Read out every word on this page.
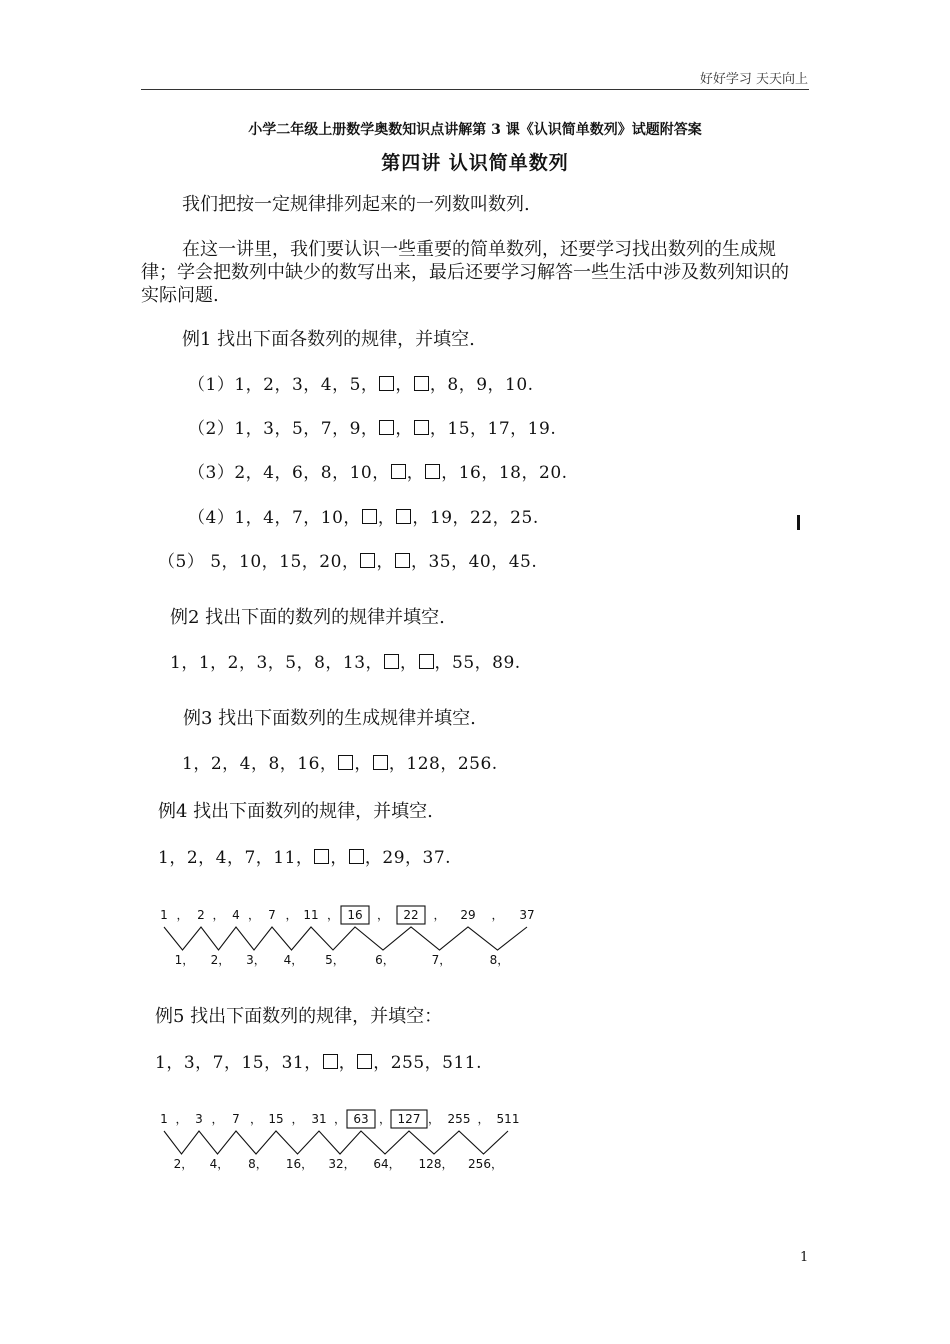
好好学习 天天向上
小学二年级上册数学奥数知识点讲解第 3 课《认识简单数列》试题附答案
第四讲 认识简单数列
我们把按一定规律排列起来的一列数叫数列.
在这一讲里，我们要认识一些重要的简单数列，还要学习找出数列的生成规律；学会把数列中缺少的数写出来，最后还要学习解答一些生活中涉及数列知识的实际问题.
例1 找出下面各数列的规律，并填空.
（1）1，2，3，4，5， ， ，8，9，10.
（2）1，3，5，7，9， ， ，15，17，19.
（3）2，4，6，8，10， ， ，16，18，20.
（4）1，4，7，10， ， ，19，22，25.
（5） 5，10，15，20， ， ，35，40，45.
例2 找出下面的数列的规律并填空.
1，1，2，3，5，8，13， ， ，55，89.
例3 找出下面数列的生成规律并填空.
1，2，4，8，16， ， ，128，256.
例4 找出下面数列的规律，并填空.
1，2，4，7，11， ， ，29，37.
1 ，
1，
2 ，
2，
4 ，
3，
7 ，
4，
11 ，
5，
16 ，
6，
22 ，
7，
29 ，
8，
37
例5 找出下面数列的规律，并填空：
1，3，7，15，31， ， ，255，511.
1 ，
2，
3 ，
4，
7 ，
8，
15 ，
16，
31 ，
32，
63 ，
64，
127 ，
128，
255 ，
256，
511
1
